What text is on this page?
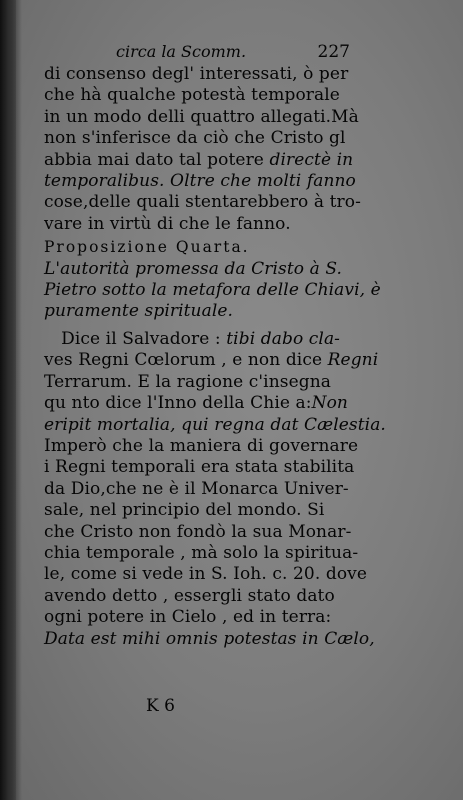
circa la Scomm.	227
di consenso degl' interessati, ò per
che hà qualche potestà temporale
in un modo delli quattro allegati.Mà
non s'inferisce da ciò che Cristo gl
abbia mai dato tal potere directè in
temporalibus. Oltre che molti fanno
cose,delle quali stentarebbero à tro-
vare in virtù di che le fanno.
Proposizione Quarta.
L'autorità promessa da Cristo à S.
Pietro sotto la metafora delle Chiavi, è
puramente spirituale.
 Dice il Salvadore : tibi dabo cla-
ves Regni Cœlorum , e non dice Regni
Terrarum. E la ragione c'insegna
qu nto dice l'Inno della Chie a:Non
eripit mortalia, qui regna dat Cælestia.
Imperò che la maniera di governare
i Regni temporali era stata stabilita
da Dio,che ne è il Monarca Univer-
sale, nel principio del mondo. Si
che Cristo non fondò la sua Monar-
chia temporale , mà solo la spiritua-
le, come si vede in S. Ioh. c. 20. dove
avendo detto , essergli stato dato
ogni potere in Cielo , ed in terra:
Data est mihi omnis potestas in Cælo,
K 6
